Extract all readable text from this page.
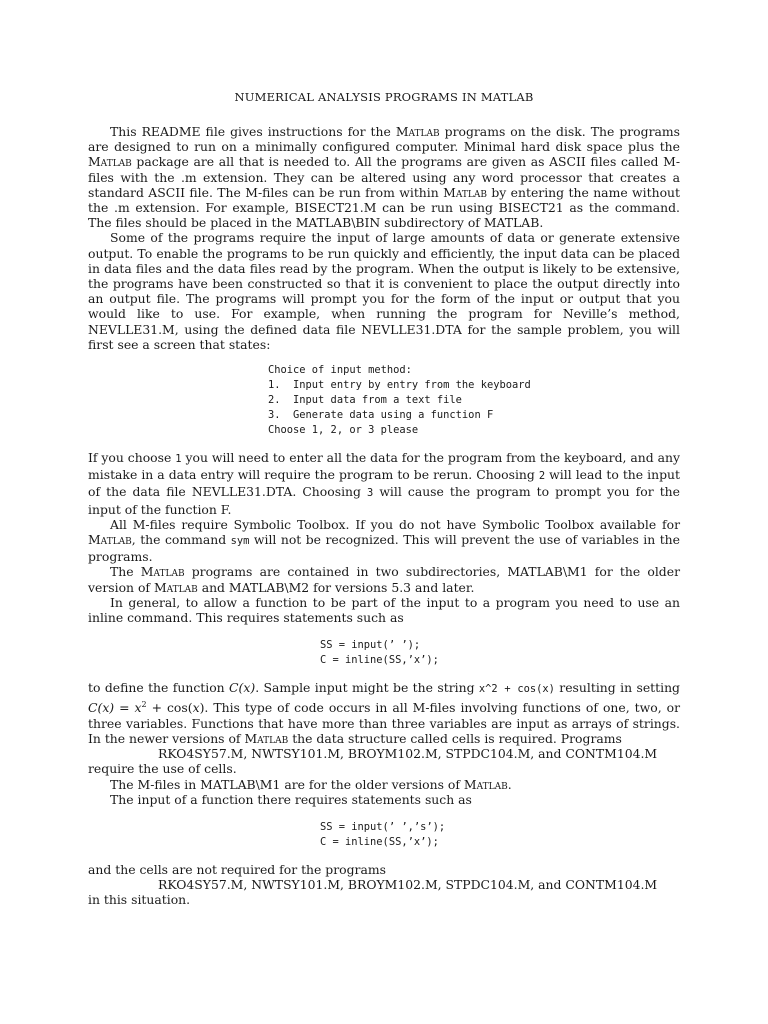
NUMERICAL ANALYSIS PROGRAMS IN MATLAB

This README file gives instructions for the Matlab programs on the disk. The programs are designed to run on a minimally configured computer. Minimal hard disk space plus the Matlab package are all that is needed to. All the programs are given as ASCII files called M-files with the .m extension. They can be altered using any word processor that creates a standard ASCII file. The M-files can be run from within Matlab by entering the name without the .m extension. For example, BISECT21.M can be run using BISECT21 as the command. The files should be placed in the MATLAB\BIN subdirectory of MATLAB.

Some of the programs require the input of large amounts of data or generate extensive output. To enable the programs to be run quickly and efficiently, the input data can be placed in data files and the data files read by the program. When the output is likely to be extensive, the programs have been constructed so that it is convenient to place the output directly into an output file. The programs will prompt you for the form of the input or output that you would like to use. For example, when running the program for Neville’s method, NEVLLE31.M, using the defined data file NEVLLE31.DTA for the sample problem, you will first see a screen that states:

Choice of input method:
1.  Input entry by entry from the keyboard
2.  Input data from a text file
3.  Generate data using a function F
Choose 1, 2, or 3 please

If you choose 1 you will need to enter all the data for the program from the keyboard, and any mistake in a data entry will require the program to be rerun. Choosing 2 will lead to the input of the data file NEVLLE31.DTA. Choosing 3 will cause the program to prompt you for the input of the function F.

All M-files require Symbolic Toolbox. If you do not have Symbolic Toolbox available for Matlab, the command sym will not be recognized. This will prevent the use of variables in the programs.

The Matlab programs are contained in two subdirectories, MATLAB\M1 for the older version of Matlab and MATLAB\M2 for versions 5.3 and later.

In general, to allow a function to be part of the input to a program you need to use an inline command. This requires statements such as

SS = input(’ ’);
C = inline(SS,’x’);

to define the function C(x). Sample input might be the string x^2 + cos(x) resulting in setting $C(x) = x^2 + \cos(x)$. This type of code occurs in all M-files involving functions of one, two, or three variables. Functions that have more than three variables are input as arrays of strings. In the newer versions of Matlab the data structure called cells is required. Programs

RKO4SY57.M, NWTSY101.M, BROYM102.M, STPDC104.M, and CONTM104.M

require the use of cells.

The M-files in MATLAB\M1 are for the older versions of Matlab.

The input of a function there requires statements such as

SS = input(’ ’,’s’);
C = inline(SS,’x’);

and the cells are not required for the programs

RKO4SY57.M, NWTSY101.M, BROYM102.M, STPDC104.M, and CONTM104.M

in this situation.
